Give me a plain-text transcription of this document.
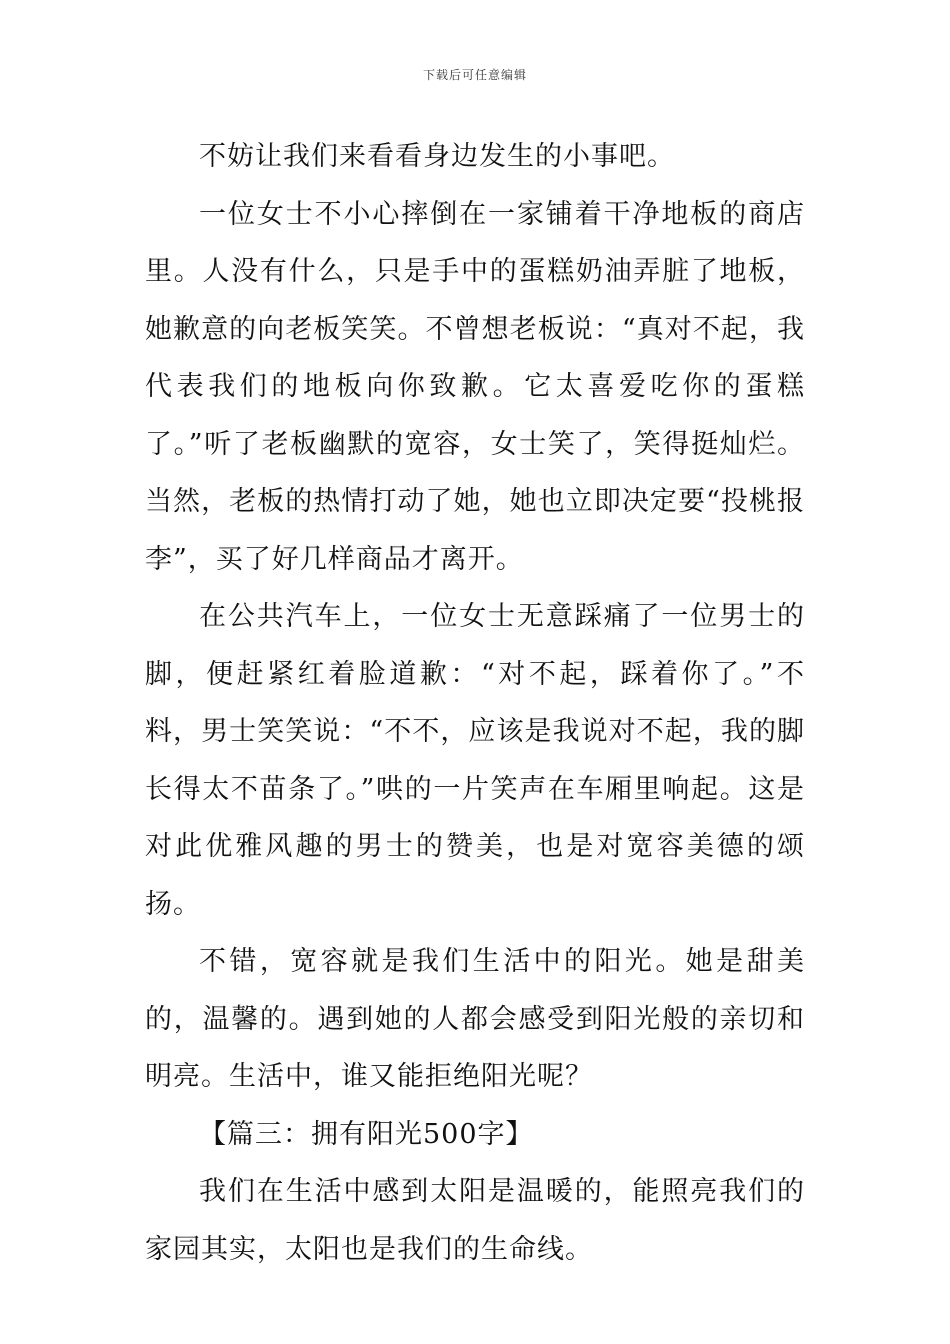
下载后可任意编辑

不妨让我们来看看身边发生的小事吧。

一位女士不小心摔倒在一家铺着干净地板的商店里。人没有什么，只是手中的蛋糕奶油弄脏了地板，她歉意的向老板笑笑。不曾想老板说：“真对不起，我代表我们的地板向你致歉。它太喜爱吃你的蛋糕了。”听了老板幽默的宽容，女士笑了，笑得挺灿烂。当然，老板的热情打动了她，她也立即决定要“投桃报李”，买了好几样商品才离开。

在公共汽车上，一位女士无意踩痛了一位男士的脚，便赶紧红着脸道歉：“对不起，踩着你了。”不料，男士笑笑说：“不不，应该是我说对不起，我的脚长得太不苗条了。”哄的一片笑声在车厢里响起。这是对此优雅风趣的男士的赞美，也是对宽容美德的颂扬。

不错，宽容就是我们生活中的阳光。她是甜美的，温馨的。遇到她的人都会感受到阳光般的亲切和明亮。生活中，谁又能拒绝阳光呢？

【篇三：拥有阳光500字】

我们在生活中感到太阳是温暖的，能照亮我们的家园其实，太阳也是我们的生命线。
